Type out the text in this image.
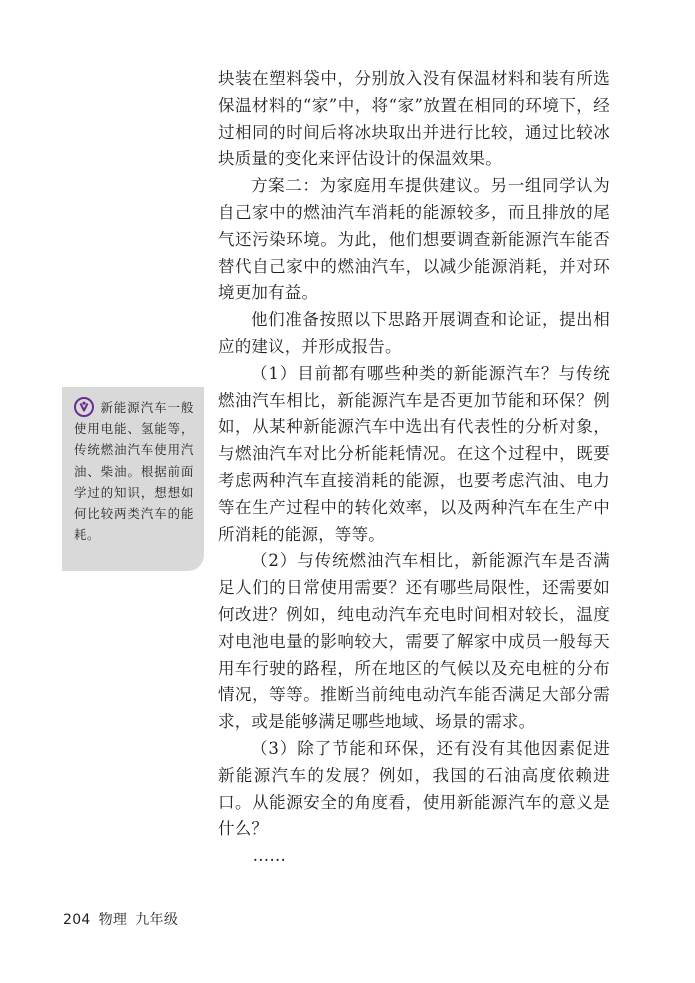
块装在塑料袋中，分别放入没有保温材料和装有所选保温材料的“家”中，将“家”放置在相同的环境下，经过相同的时间后将冰块取出并进行比较，通过比较冰块质量的变化来评估设计的保温效果。

方案二：为家庭用车提供建议。另一组同学认为自己家中的燃油汽车消耗的能源较多，而且排放的尾气还污染环境。为此，他们想要调查新能源汽车能否替代自己家中的燃油汽车，以减少能源消耗，并对环境更加有益。

他们准备按照以下思路开展调查和论证，提出相应的建议，并形成报告。

（1）目前都有哪些种类的新能源汽车？与传统燃油汽车相比，新能源汽车是否更加节能和环保？例如，从某种新能源汽车中选出有代表性的分析对象，与燃油汽车对比分析能耗情况。在这个过程中，既要考虑两种汽车直接消耗的能源，也要考虑汽油、电力等在生产过程中的转化效率，以及两种汽车在生产中所消耗的能源，等等。

（2）与传统燃油汽车相比，新能源汽车是否满足人们的日常使用需要？还有哪些局限性，还需要如何改进？例如，纯电动汽车充电时间相对较长，温度对电池电量的影响较大，需要了解家中成员一般每天用车行驶的路程，所在地区的气候以及充电桩的分布情况，等等。推断当前纯电动汽车能否满足大部分需求，或是能够满足哪些地域、场景的需求。

（3）除了节能和环保，还有没有其他因素促进新能源汽车的发展？例如，我国的石油高度依赖进口。从能源安全的角度看，使用新能源汽车的意义是什么？

……

新能源汽车一般使用电能、氢能等，传统燃油汽车使用汽油、柴油。根据前面学过的知识，想想如何比较两类汽车的能耗。
204 物理 九年级
